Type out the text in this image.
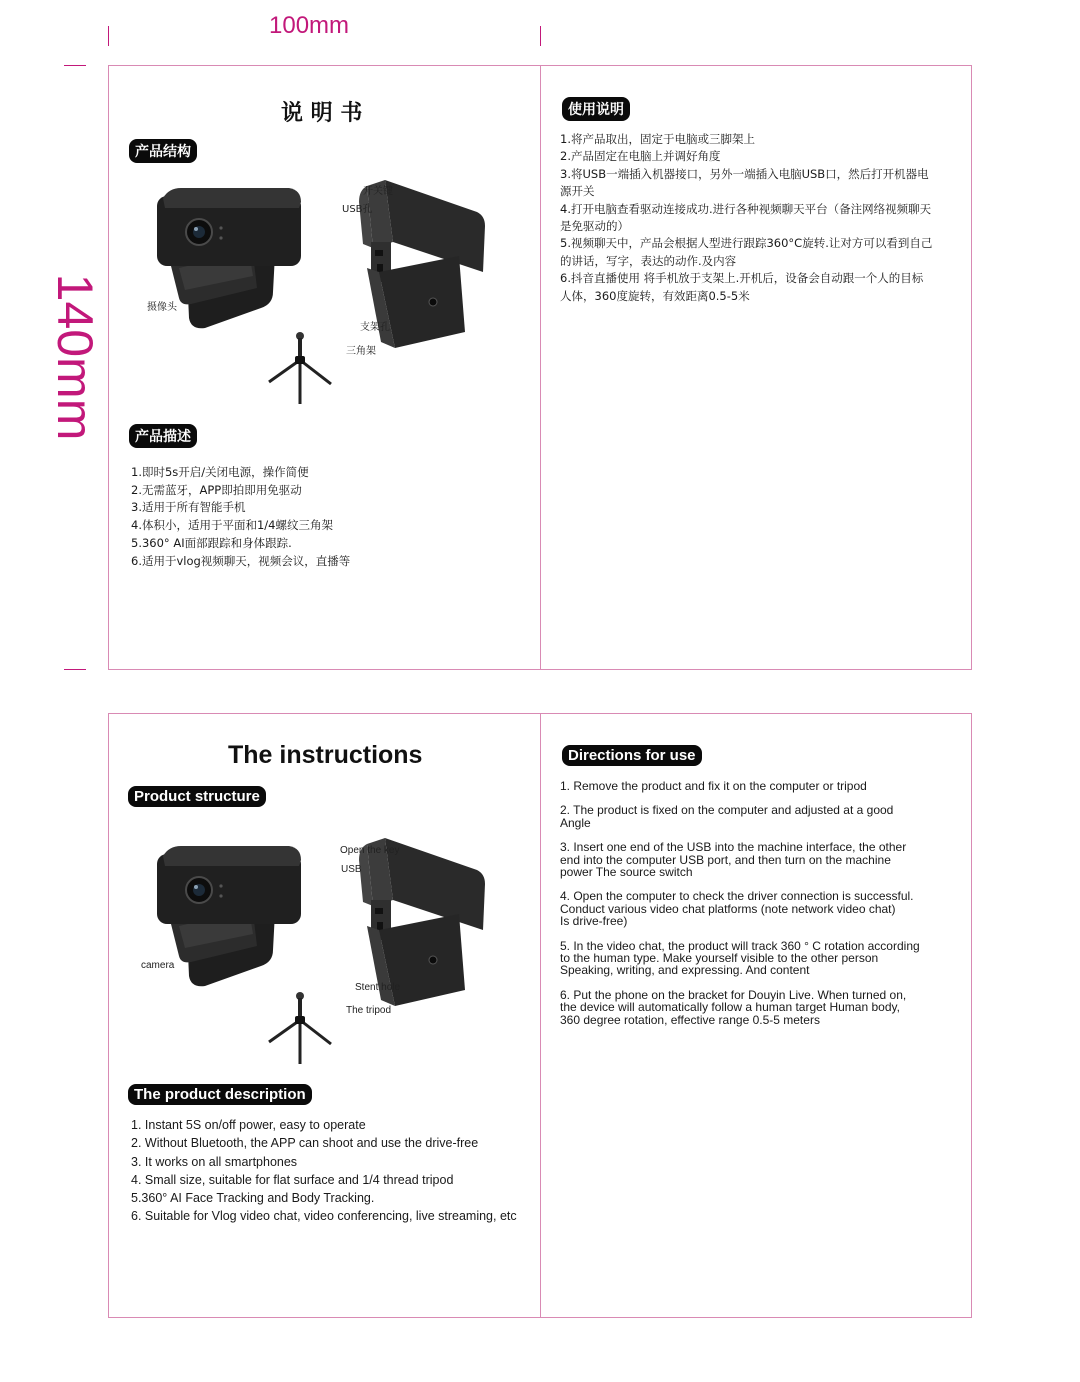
100mm
140mm
说 明 书
产品结构
开关键
USB孔
摄像头
支架孔
三角架
产品描述
1.即时5s开启/关闭电源，操作简便
2.无需蓝牙，APP即拍即用免驱动
3.适用于所有智能手机
4.体积小，适用于平面和1/4螺纹三角架
5.360° AI面部跟踪和身体跟踪.
6.适用于vlog视频聊天，视频会议，直播等
使用说明
1.将产品取出，固定于电脑或三脚架上
2.产品固定在电脑上并调好角度
3.将USB一端插入机器接口，另外一端插入电脑USB口，然后打开机器电
源开关
4.打开电脑查看驱动连接成功.进行各种视频聊天平台（备注网络视频聊天
是免驱动的）
5.视频聊天中，产品会根据人型进行跟踪360°C旋转.让对方可以看到自己
的讲话，写字，表达的动作.及内容
6.抖音直播使用 将手机放于支架上.开机后，设备会自动跟一个人的目标
人体，360度旋转，有效距离0.5-5米
The instructions
Product structure
Open the key
USB
camera
Stent hole
The tripod
The product description
1. Instant 5S on/off power, easy to operate
2. Without Bluetooth, the APP can shoot and use the drive-free
3. It works on all smartphones
4. Small size, suitable for flat surface and 1/4 thread tripod
5.360° AI Face Tracking and Body Tracking.
6. Suitable for Vlog video chat, video conferencing, live streaming, etc
Directions for use
1. Remove the product and fix it on the computer or tripod
2. The product is fixed on the computer and adjusted at a good
Angle
3. Insert one end of the USB into the machine interface, the other
end into the computer USB port, and then turn on the machine
power The source switch
4. Open the computer to check the driver connection is successful.
Conduct various video chat platforms (note network video chat)
Is drive-free)
5. In the video chat, the product will track 360 ° C rotation according
to the human type. Make yourself visible to the other person
Speaking, writing, and expressing. And content
6. Put the phone on the bracket for Douyin Live. When turned on,
the device will automatically follow a human target Human body,
360 degree rotation, effective range 0.5-5 meters
